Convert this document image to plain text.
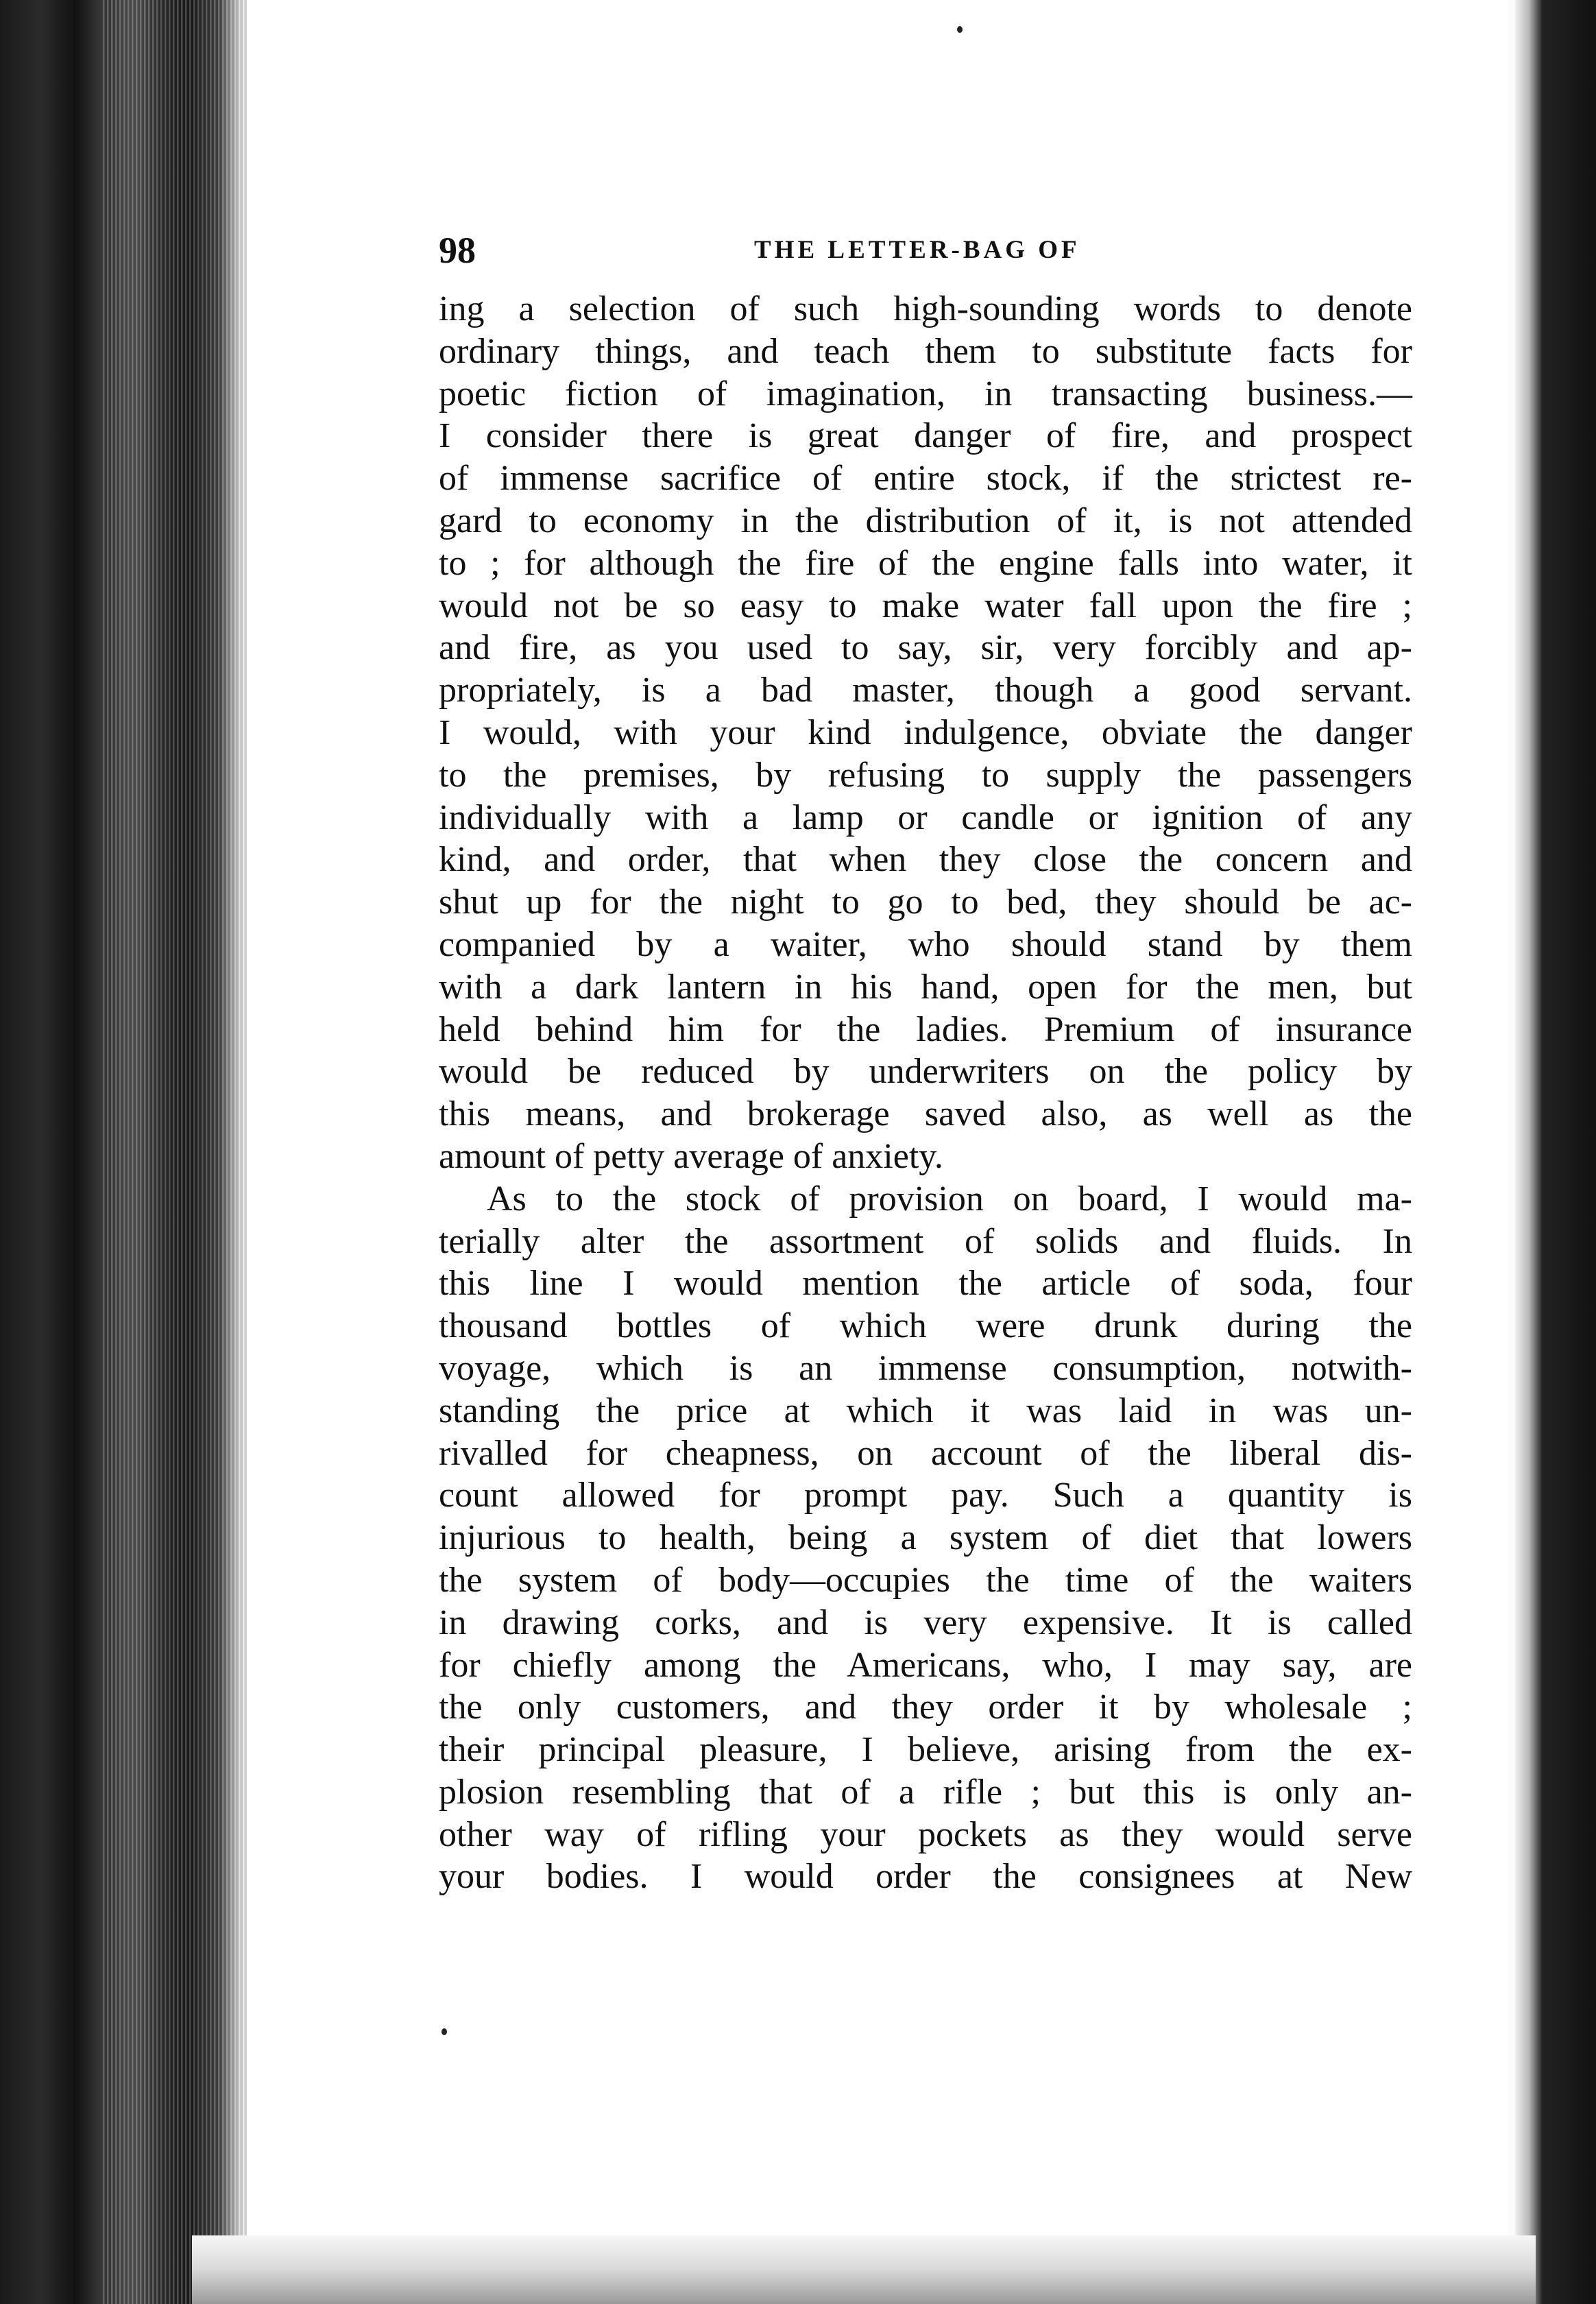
98	THE LETTER-BAG OF
ing a selection of such high-sounding words to denote
ordinary things, and teach them to substitute facts for
poetic fiction of imagination, in transacting business.—
I consider there is great danger of fire, and prospect
of immense sacrifice of entire stock, if the strictest re-
gard to economy in the distribution of it, is not attended
to ; for although the fire of the engine falls into water, it
would not be so easy to make water fall upon the fire ;
and fire, as you used to say, sir, very forcibly and ap-
propriately, is a bad master, though a good servant.
I would, with your kind indulgence, obviate the danger
to the premises, by refusing to supply the passengers
individually with a lamp or candle or ignition of any
kind, and order, that when they close the concern and
shut up for the night to go to bed, they should be ac-
companied by a waiter, who should stand by them
with a dark lantern in his hand, open for the men, but
held behind him for the ladies. Premium of insurance
would be reduced by underwriters on the policy by
this means, and brokerage saved also, as well as the
amount of petty average of anxiety.
As to the stock of provision on board, I would ma-
terially alter the assortment of solids and fluids. In
this line I would mention the article of soda, four
thousand bottles of which were drunk during the
voyage, which is an immense consumption, notwith-
standing the price at which it was laid in was un-
rivalled for cheapness, on account of the liberal dis-
count allowed for prompt pay. Such a quantity is
injurious to health, being a system of diet that lowers
the system of body—occupies the time of the waiters
in drawing corks, and is very expensive. It is called
for chiefly among the Americans, who, I may say, are
the only customers, and they order it by wholesale ;
their principal pleasure, I believe, arising from the ex-
plosion resembling that of a rifle ; but this is only an-
other way of rifling your pockets as they would serve
your bodies. I would order the consignees at New
